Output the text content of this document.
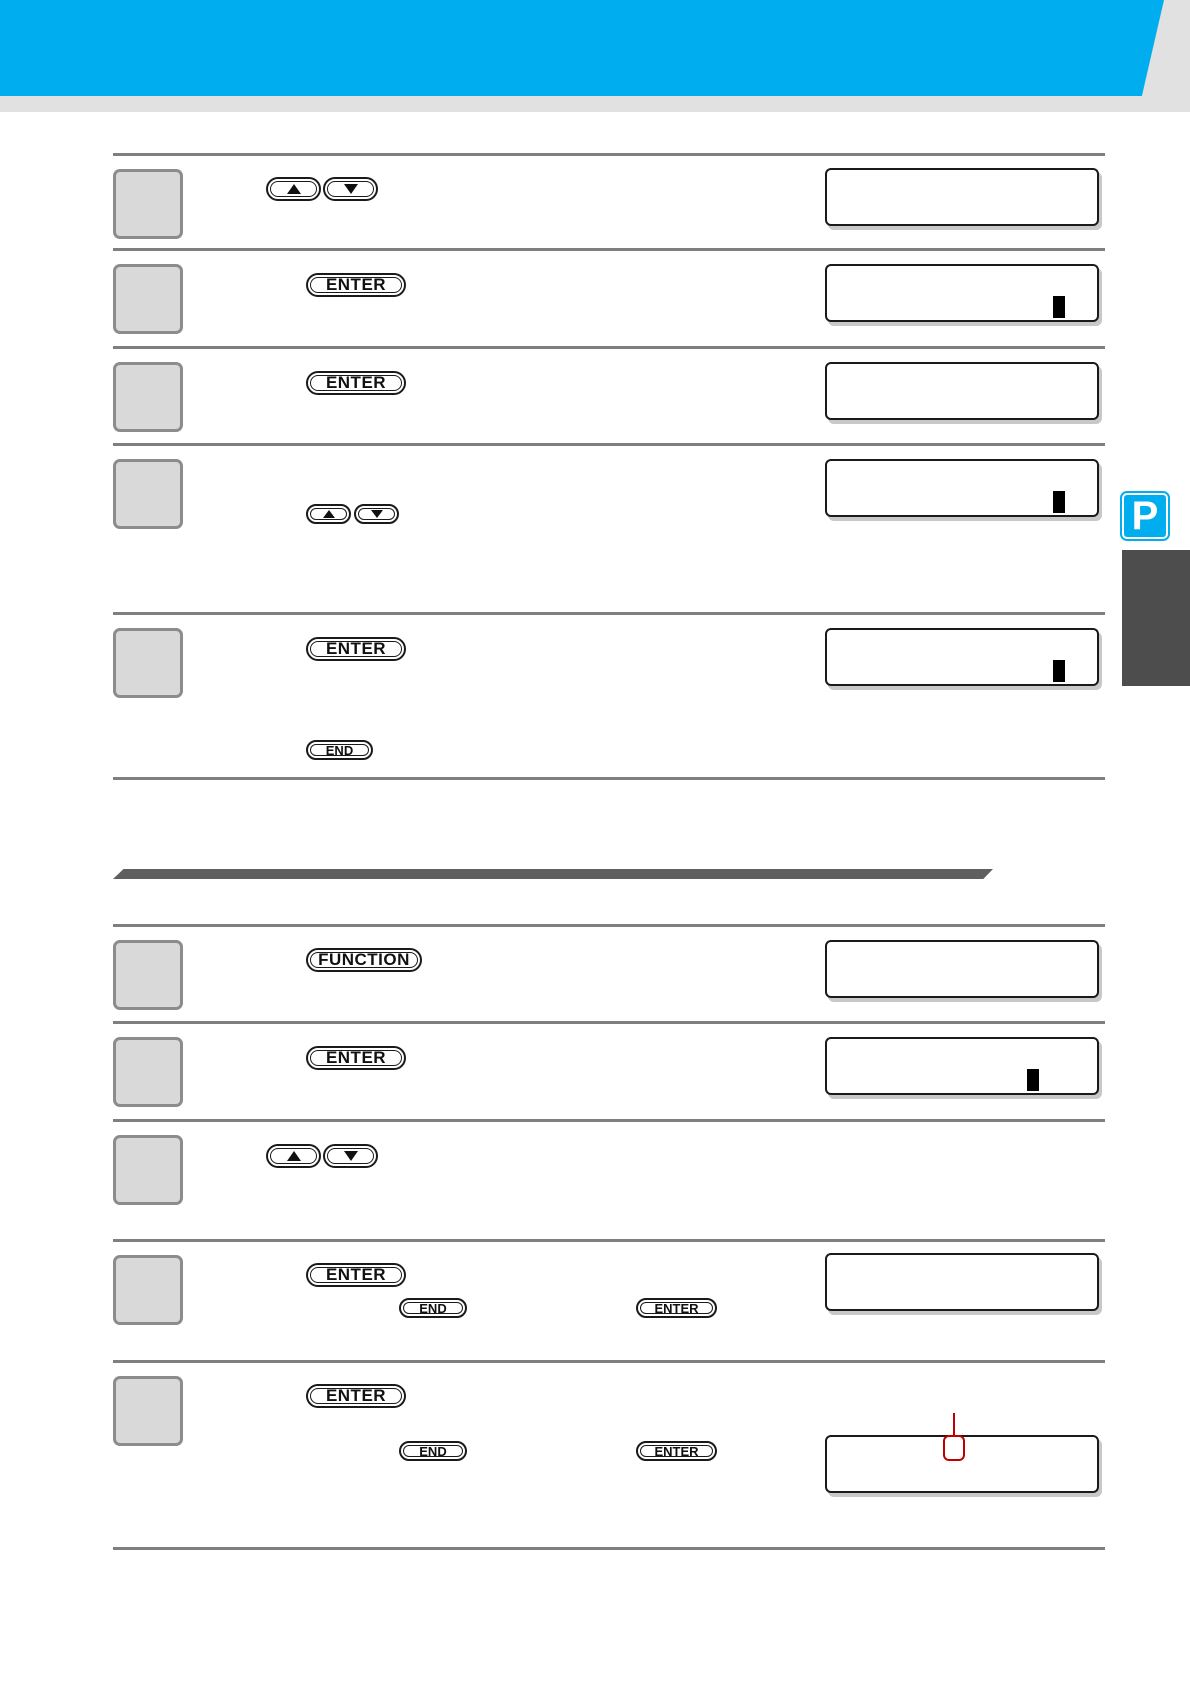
P
ENTER
ENTER
ENTER
END
FUNCTION
ENTER
ENTER
END	ENTER
ENTER
END	ENTER
